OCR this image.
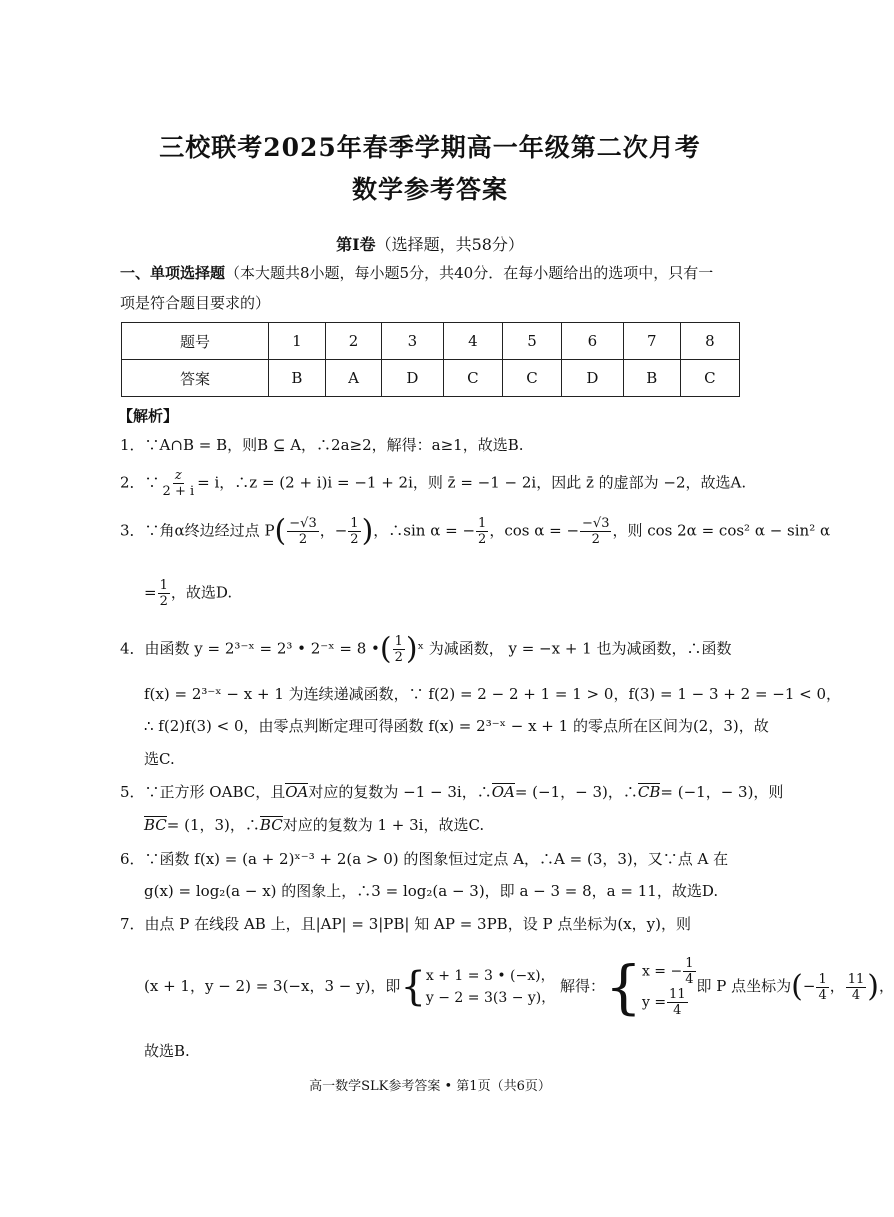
三校联考2025年春季学期高一年级第二次月考
数学参考答案
第Ⅰ卷（选择题，共58分）
一、单项选择题（本大题共8小题，每小题5分，共40分．在每小题给出的选项中，只有一
项是符合题目要求的）
题号	1	2	3	4	5	6	7	8
答案	B	A	D	C	C	D	B	C
【解析】
1．∵A∩B = B，则B ⊆ A，∴2a≥2，解得：a≥1，故选B.
2．∵ $\frac{z}{2 + i} = i$，∴z = (2 + i)i = −1 + 2i，则 z̄ = −1 − 2i，因此 z̄ 的虚部为 −2，故选A.
3．∵角α终边经过点 $P( \frac{-√3}{2}$ ，− $\frac{1}{2}$ )，∴sin α = − $\frac{1}{2}$ ，cos α = − $\frac{-√3}{2}$ ，则 cos 2α = cos² α − sin² α
= $\frac{1}{2}$ ，故选D.
4．由函数 y = 2³⁻ˣ = 2³ • 2⁻ˣ = 8 •( $\frac{1}{2}$ )ˣ 为减函数， y = −x + 1 也为减函数，∴函数
f(x) = 2³⁻ˣ − x + 1 为连续递减函数，∵ f(2) = 2 − 2 + 1 = 1 > 0，f(3) = 1 − 3 + 2 = −1 < 0，
∴ f(2)f(3) < 0，由零点判断定理可得函数 f(x) = 2³⁻ˣ − x + 1 的零点所在区间为(2，3)，故
选C.
5．∵正方形 OABC，且OA对应的复数为 −1 − 3i，∴OA= (−1，− 3)，∴CB= (−1，− 3)，则
BC= (1，3)，∴BC对应的复数为 1 + 3i，故选C.
6．∵函数 f(x) = (a + 2)ˣ⁻³ + 2(a > 0) 的图象恒过定点 A，∴A = (3，3)，又∵点 A 在
g(x) = log₂(a − x) 的图象上，∴3 = log₂(a − 3)，即 a − 3 = 8，a = 11，故选D.
7．由点 P 在线段 AB 上，且|AP| = 3|PB| 知 AP = 3PB，设 P 点坐标为(x，y)，则
(x + 1，y − 2) = 3(−x，3 − y)，即{ x + 1 = 3 • (−x)，
y − 2 = 3(3 − y)，
解得：{ x = − $\frac{1}{4}$
$y = \frac{11}{4}$
即 P 点坐标为(− $\frac{1}{4}$ ， $\frac{11}{4}$ )，
故选B.
高一数学SLK参考答案 • 第1页（共6页）
